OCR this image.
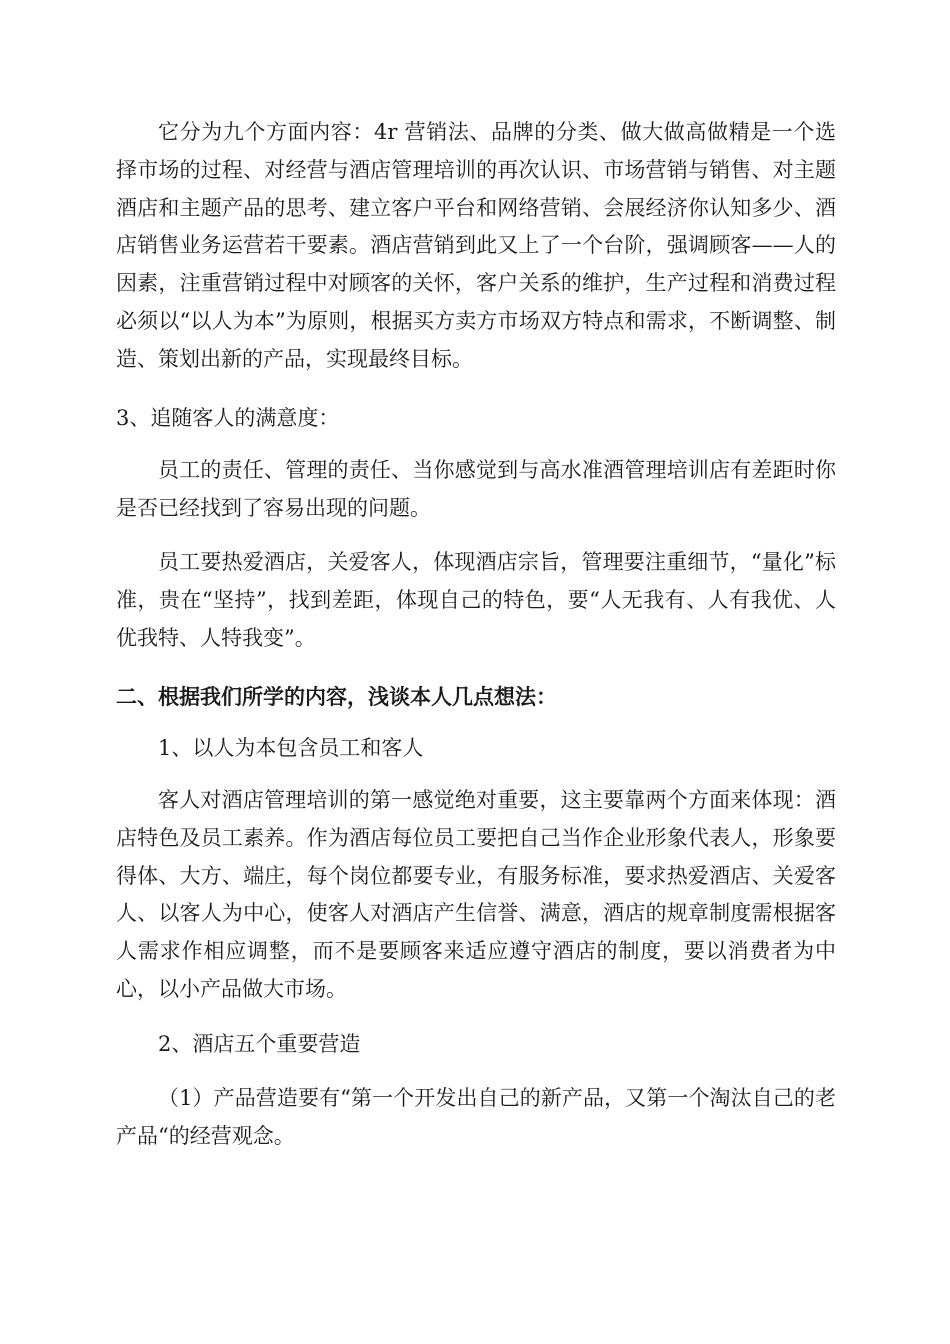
它分为九个方面内容：4r 营销法、品牌的分类、做大做高做精是一个选择市场的过程、对经营与酒店管理培训的再次认识、市场营销与销售、对主题酒店和主题产品的思考、建立客户平台和网络营销、会展经济你认知多少、酒店销售业务运营若干要素。酒店营销到此又上了一个台阶，强调顾客——人的因素，注重营销过程中对顾客的关怀，客户关系的维护，生产过程和消费过程必须以“以人为本”为原则，根据买方卖方市场双方特点和需求，不断调整、制造、策划出新的产品，实现最终目标。

3、追随客人的满意度：

员工的责任、管理的责任、当你感觉到与高水准酒管理培训店有差距时你是否已经找到了容易出现的问题。

员工要热爱酒店，关爱客人，体现酒店宗旨，管理要注重细节，“量化”标准，贵在“坚持”，找到差距，体现自己的特色，要“人无我有、人有我优、人优我特、人特我变”。

二、根据我们所学的内容，浅谈本人几点想法：

1、以人为本包含员工和客人

客人对酒店管理培训的第一感觉绝对重要，这主要靠两个方面来体现：酒店特色及员工素养。作为酒店每位员工要把自己当作企业形象代表人，形象要得体、大方、端庄，每个岗位都要专业，有服务标准，要求热爱酒店、关爱客人、以客人为中心，使客人对酒店产生信誉、满意，酒店的规章制度需根据客人需求作相应调整，而不是要顾客来适应遵守酒店的制度，要以消费者为中心，以小产品做大市场。

2、酒店五个重要营造

（1）产品营造要有“第一个开发出自己的新产品，又第一个淘汰自己的老产品“的经营观念。
